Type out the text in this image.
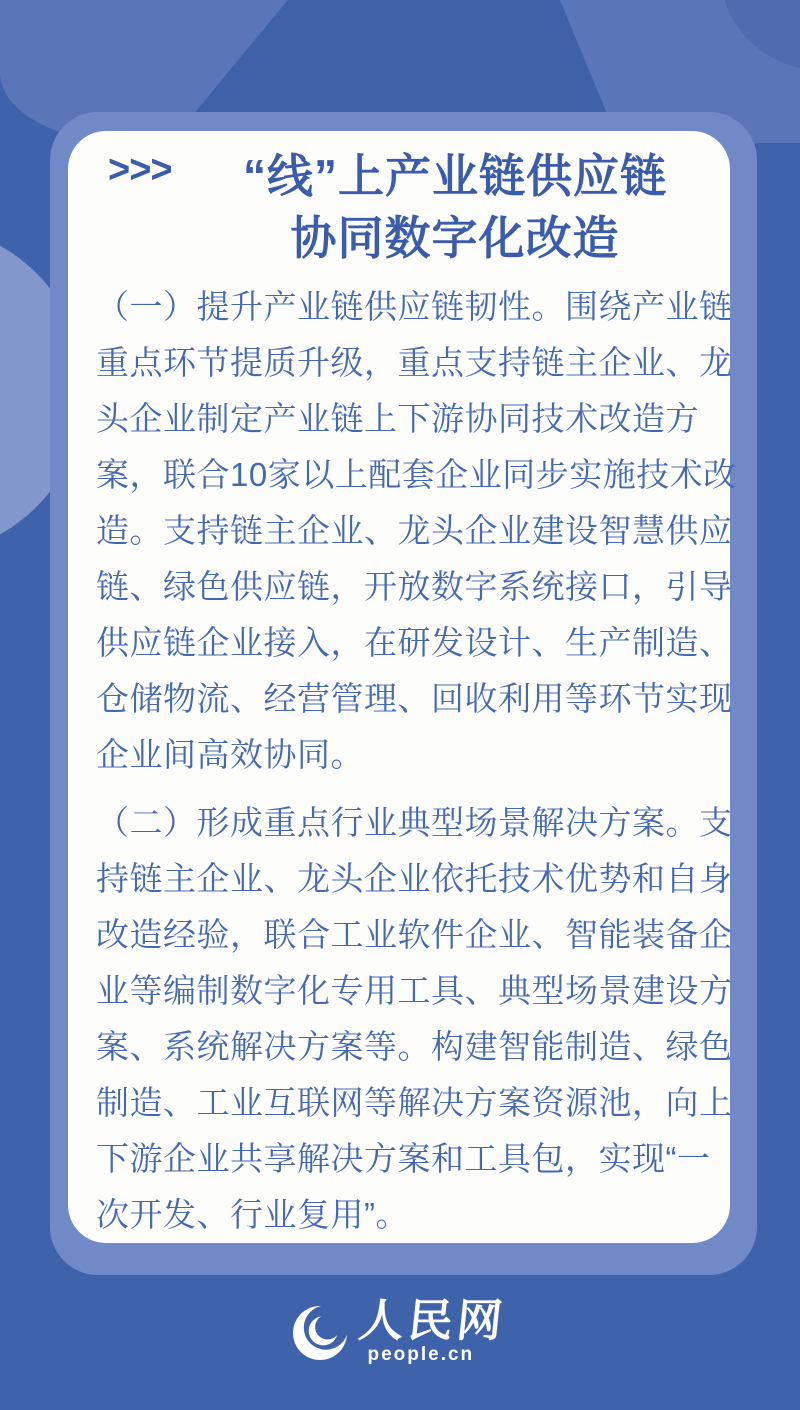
>>>	“线”上产业链供应链
协同数字化改造
（一）提升产业链供应链韧性。围绕产业链
重点环节提质升级，重点支持链主企业、龙
头企业制定产业链上下游协同技术改造方
案，联合10家以上配套企业同步实施技术改
造。支持链主企业、龙头企业建设智慧供应
链、绿色供应链，开放数字系统接口，引导
供应链企业接入，在研发设计、生产制造、
仓储物流、经营管理、回收利用等环节实现
企业间高效协同。
（二）形成重点行业典型场景解决方案。支
持链主企业、龙头企业依托技术优势和自身
改造经验，联合工业软件企业、智能装备企
业等编制数字化专用工具、典型场景建设方
案、系统解决方案等。构建智能制造、绿色
制造、工业互联网等解决方案资源池，向上
下游企业共享解决方案和工具包，实现“一
次开发、行业复用”。
人民网
people.cn
